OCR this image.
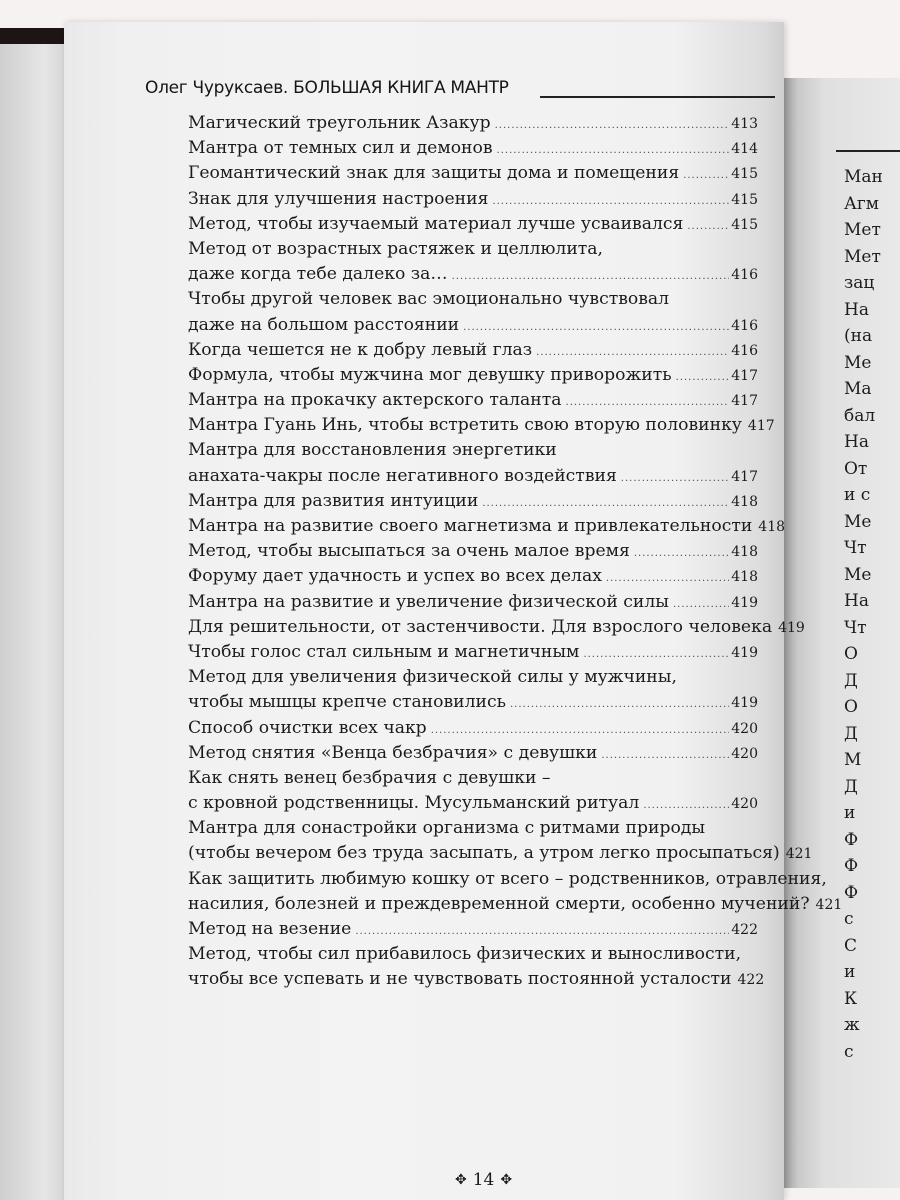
Ман
Агм
Мет
Мет
зац
На
(на
Ме
Ма
бал
На
От
и с
Ме
Чт
Ме
На
Чт
О
Д
О
Д
М
Д
и
Ф
Ф
Ф
с
С
и
К
ж
с
Олег Чуруксаев. БОЛЬШАЯ КНИГА МАНТР
Магический треугольник Азакур .....	413
Мантра от темных сил и демонов .....	414
Геомантический знак для защиты дома и помещения .....	415
Знак для улучшения настроения .....	415
Метод, чтобы изучаемый материал лучше усваивался .....	415
Метод от возрастных растяжек и целлюлита,
даже когда тебе далеко за… .....	416
Чтобы другой человек вас эмоционально чувствовал
даже на большом расстоянии .....	416
Когда чешется не к добру левый глаз .....	416
Формула, чтобы мужчина мог девушку приворожить .....	417
Мантра на прокачку актерского таланта .....	417
Мантра Гуань Инь, чтобы встретить свою вторую половинку 417
Мантра для восстановления энергетики
анахата-чакры после негативного воздействия .....	417
Мантра для развития интуиции .....	418
Мантра на развитие своего магнетизма и привлекательности 418
Метод, чтобы высыпаться за очень малое время .....	418
Форуму дает удачность и успех во всех делах .....	418
Мантра на развитие и увеличение физической силы .....	419
Для решительности, от застенчивости. Для взрослого человека 419
Чтобы голос стал сильным и магнетичным .....	419
Метод для увеличения физической силы у мужчины,
чтобы мышцы крепче становились .....	419
Способ очистки всех чакр .....	420
Метод снятия «Венца безбрачия» с девушки .....	420
Как снять венец безбрачия с девушки –
с кровной родственницы. Мусульманский ритуал .....	420
Мантра для сонастройки организма с ритмами природы
(чтобы вечером без труда засыпать, а утром легко просыпаться) 421
Как защитить любимую кошку от всего – родственников, отравления,
насилия, болезней и преждевременной смерти, особенно мучений? 421
Метод на везение .....	422
Метод, чтобы сил прибавилось физических и выносливости,
чтобы все успевать и не чувствовать постоянной усталости 422
✥ 14 ✥
